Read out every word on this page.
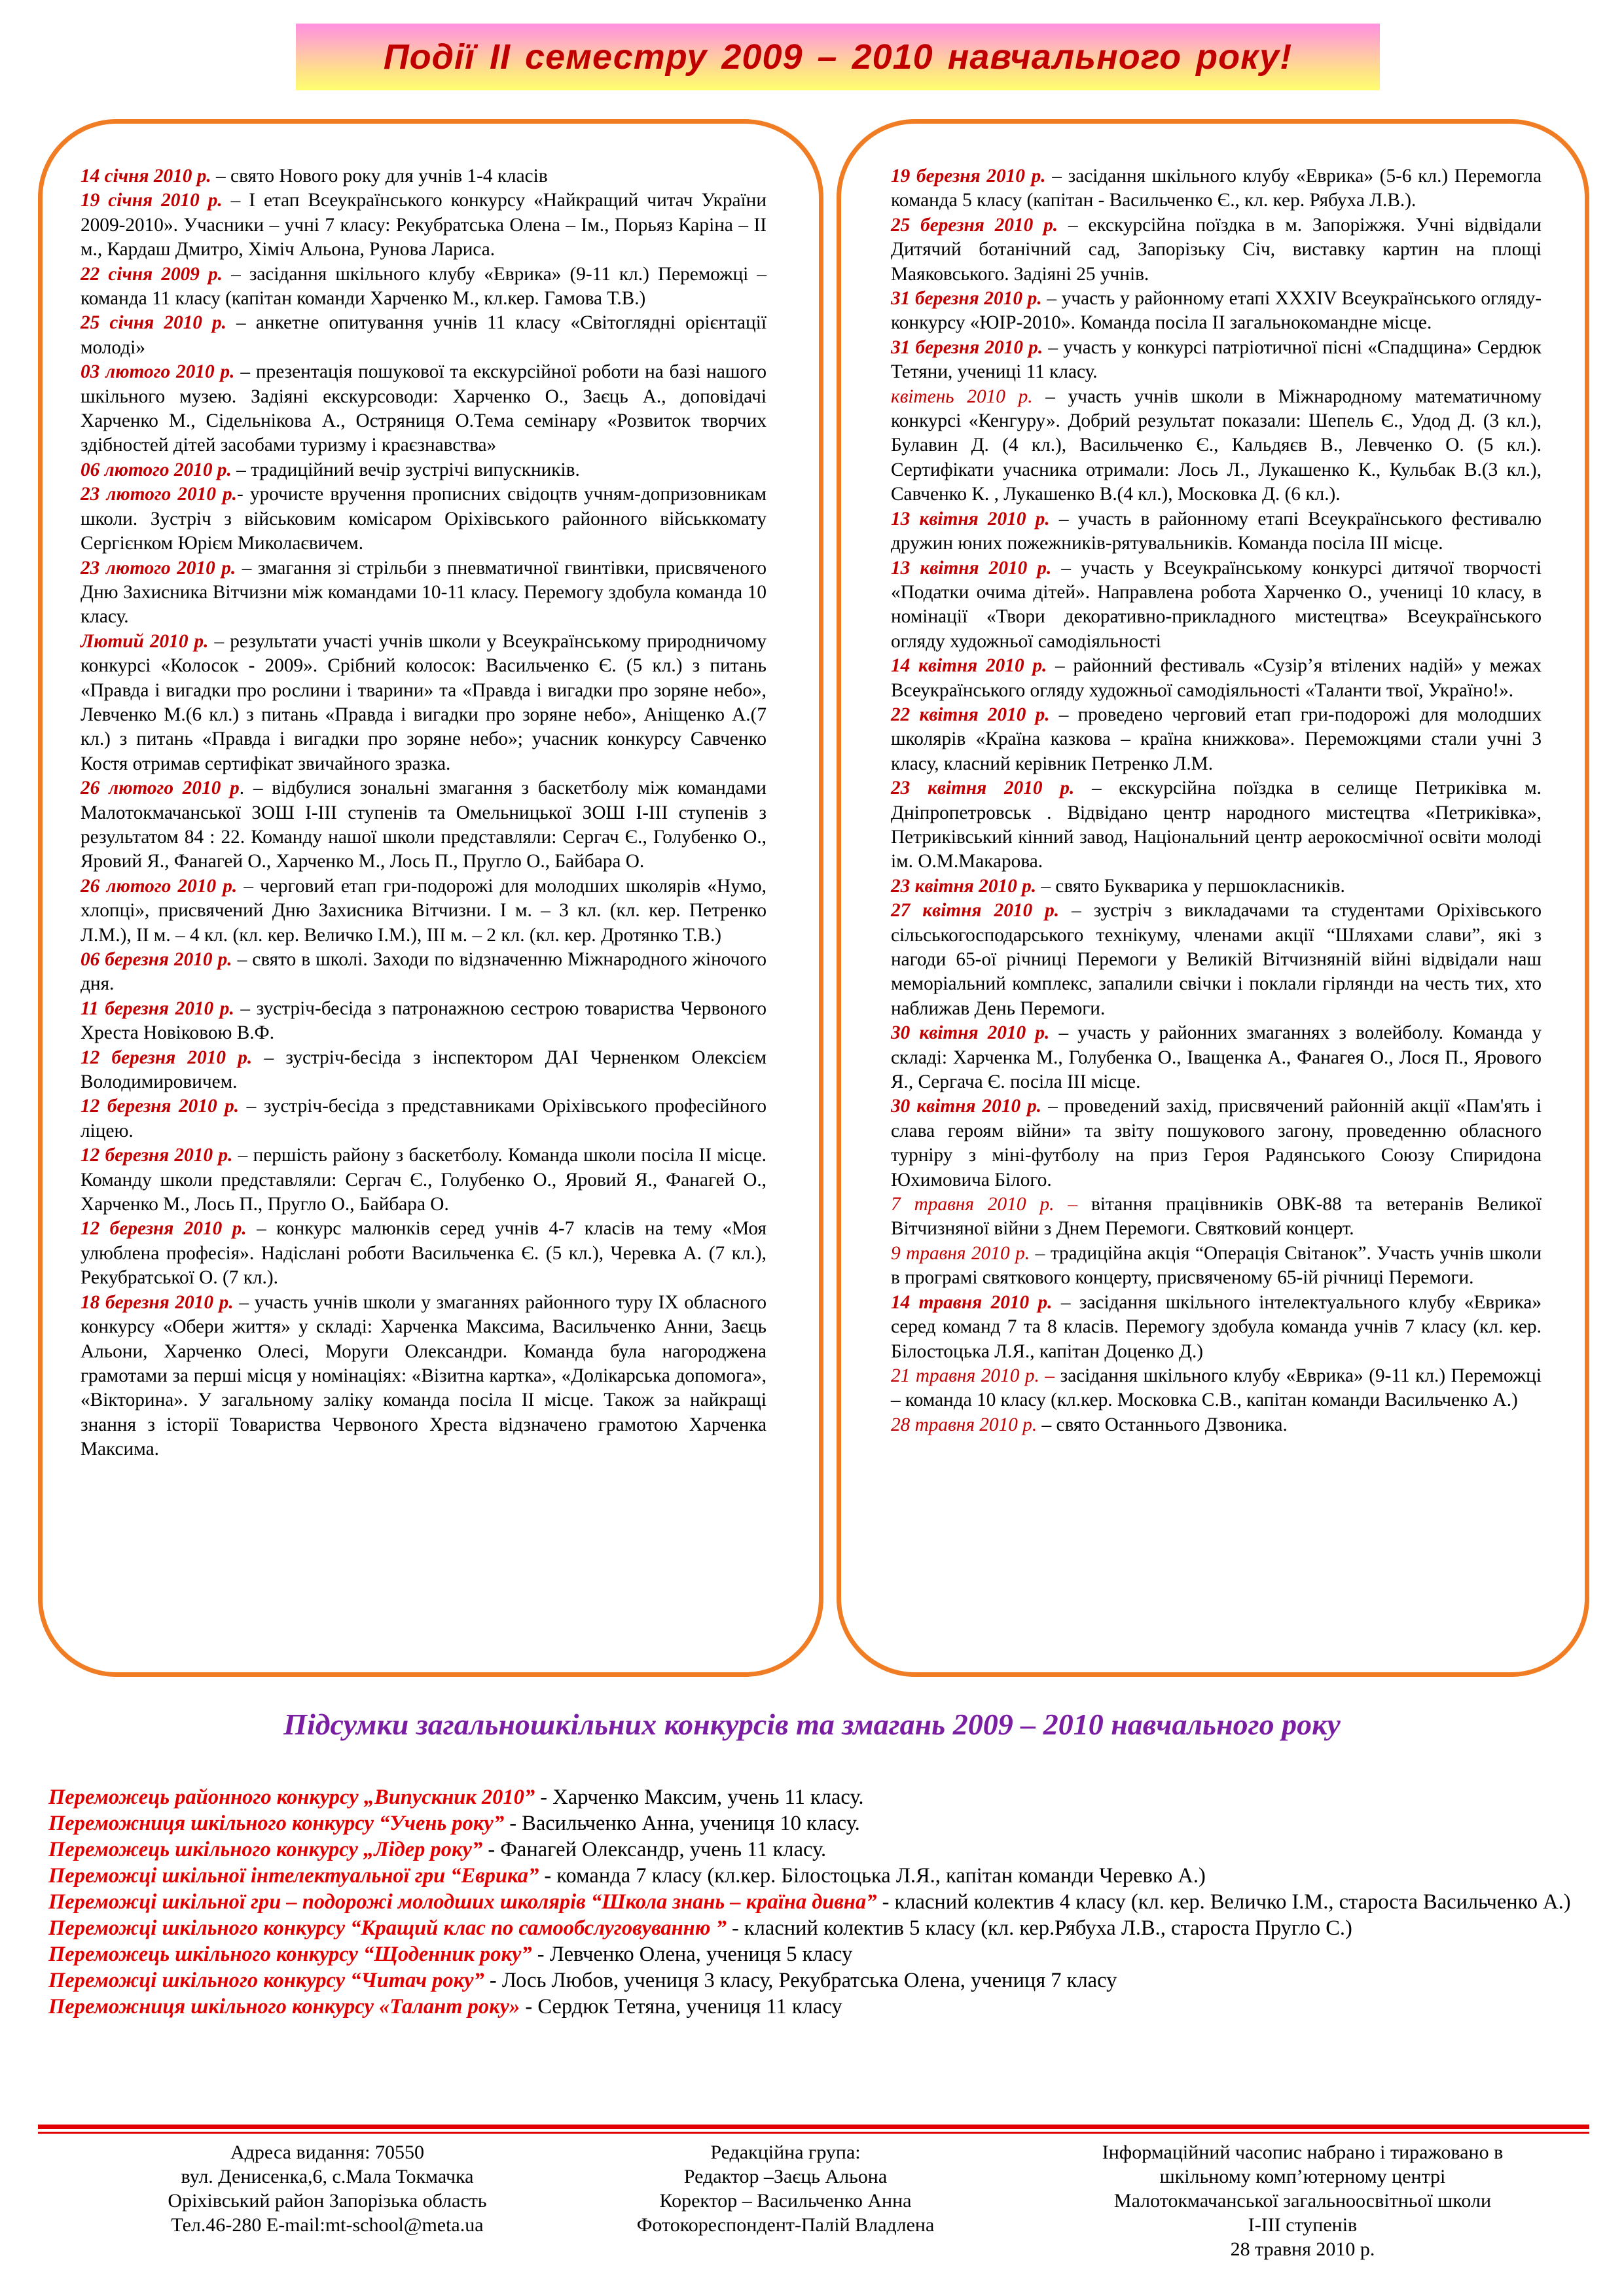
Події ІІ семестру 2009 – 2010 навчального року!

14 січня 2010 р. – свято Нового року для учнів 1-4 класів

19 січня 2010 р. – І етап Всеукраїнського конкурсу «Найкращий читач України 2009-2010». Учасники – учні 7 класу: Рекубратська Олена – Ім., Порьяз Каріна – ІІ м., Кардаш Дмитро, Хіміч Альона, Рунова Лариса.

22 січня 2009 р. – засідання шкільного клубу «Еврика» (9-11 кл.) Переможці – команда 11 класу (капітан команди Харченко М., кл.кер. Гамова Т.В.)

25 січня 2010 р. – анкетне опитування учнів 11 класу «Світоглядні орієнтації молоді»

03 лютого 2010 р. – презентація пошукової та екскурсійної роботи на базі нашого шкільного музею. Задіяні екскурсоводи: Харченко О., Заєць А., доповідачі Харченко М., Сідельнікова А., Остряниця О.Тема семінару «Розвиток творчих здібностей дітей засобами туризму і краєзнавства»

06 лютого 2010 р. – традиційний вечір зустрічі випускників.

23 лютого 2010 р.- урочисте вручення прописних свідоцтв учням-допризовникам школи. Зустріч з військовим комісаром Оріхівського районного військкомату Сергієнком Юрієм Миколаєвичем.

23 лютого 2010 р. – змагання зі стрільби з пневматичної гвинтівки, присвяченого Дню Захисника Вітчизни між командами 10-11 класу. Перемогу здобула команда 10 класу.

Лютий 2010 р. – результати участі учнів школи у Всеукраїнському природничому конкурсі «Колосок - 2009». Срібний колосок: Васильченко Є. (5 кл.) з питань «Правда і вигадки про рослини і тварини» та «Правда і вигадки про зоряне небо», Левченко М.(6 кл.) з питань «Правда і вигадки про зоряне небо», Аніщенко А.(7 кл.) з питань «Правда і вигадки про зоряне небо»; учасник конкурсу Савченко Костя отримав сертифікат звичайного зразка.

26 лютого 2010 р. – відбулися зональні змагання з баскетболу між командами Малотокмачанської ЗОШ І-ІІІ ступенів та Омельницької ЗОШ І-ІІІ ступенів з результатом 84 : 22. Команду нашої школи представляли: Сергач Є., Голубенко О., Яровий Я., Фанагей О., Харченко М., Лось П., Пругло О., Байбара О.

26 лютого 2010 р. – черговий етап гри-подорожі для молодших школярів «Нумо, хлопці», присвячений Дню Захисника Вітчизни. І м. – 3 кл. (кл. кер. Петренко Л.М.), ІІ м. – 4 кл. (кл. кер. Величко І.М.), ІІІ м. – 2 кл. (кл. кер. Дротянко Т.В.)

06 березня 2010 р. – свято в школі. Заходи по відзначенню Міжнародного жіночого дня.

11 березня 2010 р. – зустріч-бесіда з патронажною сестрою товариства Червоного Хреста Новіковою В.Ф.

12 березня 2010 р. – зустріч-бесіда з інспектором ДАІ Черненком Олексієм Володимировичем.

12 березня 2010 р. – зустріч-бесіда з представниками Оріхівського професійного ліцею.

12 березня 2010 р. – першість району з баскетболу. Команда школи посіла ІІ місце. Команду школи представляли: Сергач Є., Голубенко О., Яровий Я., Фанагей О., Харченко М., Лось П., Пругло О., Байбара О.

12 березня 2010 р. – конкурс малюнків серед учнів 4-7 класів на тему «Моя улюблена професія». Надіслані роботи Васильченка Є. (5 кл.), Черевка А. (7 кл.), Рекубратської О. (7 кл.).

18 березня 2010 р. – участь учнів школи у змаганнях районного туру ІХ обласного конкурсу «Обери життя» у складі: Харченка Максима, Васильченко Анни, Заєць Альони, Харченко Олесі, Моруги Олександри. Команда була нагороджена грамотами за перші місця у номінаціях: «Візитна картка», «Долікарська допомога», «Вікторина». У загальному заліку команда посіла ІІ місце. Також за найкращі знання з історії Товариства Червоного Хреста відзначено грамотою Харченка Максима.

19 березня 2010 р. – засідання шкільного клубу «Еврика» (5-6 кл.) Перемогла команда 5 класу (капітан - Васильченко Є., кл. кер. Рябуха Л.В.).

25 березня 2010 р. – екскурсійна поїздка в м. Запоріжжя. Учні відвідали Дитячий ботанічний сад, Запорізьку Січ, виставку картин на площі Маяковського. Задіяні 25 учнів.

31 березня 2010 р. – участь у районному етапі ХХХІV Всеукраїнського огляду-конкурсу «ЮІР-2010». Команда посіла ІІ загальнокомандне місце.

31 березня 2010 р. – участь у конкурсі патріотичної пісні «Спадщина» Сердюк Тетяни, учениці 11 класу.

квітень 2010 р. – участь учнів школи в Міжнародному математичному конкурсі «Кенгуру». Добрий результат показали: Шепель Є., Удод Д. (3 кл.), Булавин Д. (4 кл.), Васильченко Є., Кальдяєв В., Левченко О. (5 кл.). Сертифікати учасника отримали: Лось Л., Лукашенко К., Кульбак В.(3 кл.), Савченко К. , Лукашенко В.(4 кл.), Московка Д. (6 кл.).

13 квітня 2010 р. – участь в районному етапі Всеукраїнського фестивалю дружин юних пожежників-рятувальників. Команда посіла ІІІ місце.

13 квітня 2010 р. – участь у Всеукраїнському конкурсі дитячої творчості «Податки очима дітей». Направлена робота Харченко О., учениці 10 класу, в номінації «Твори декоративно-прикладного мистецтва» Всеукраїнського огляду художньої самодіяльності

14 квітня 2010 р. – районний фестиваль «Сузір’я втілених надій» у межах Всеукраїнського огляду художньої самодіяльності «Таланти твої, Україно!».

22 квітня 2010 р. – проведено черговий етап гри-подорожі для молодших школярів «Країна казкова – країна книжкова». Переможцями стали учні 3 класу, класний керівник Петренко Л.М.

23 квітня 2010 р. – екскурсійна поїздка в селище Петриківка м. Дніпропетровськ . Відвідано центр народного мистецтва «Петриківка», Петриківський кінний завод, Національний центр аерокосмічної освіти молоді ім. О.М.Макарова.

23 квітня 2010 р. – свято Букварика у першокласників.

27 квітня 2010 р. – зустріч з викладачами та студентами Оріхівського сільськогосподарського технікуму, членами акції “Шляхами слави”, які з нагоди 65-ої річниці Перемоги у Великій Вітчизняній війні відвідали наш меморіальний комплекс, запалили свічки і поклали гірлянди на честь тих, хто наближав День Перемоги.

30 квітня 2010 р. – участь у районних змаганнях з волейболу. Команда у складі: Харченка М., Голубенка О., Іващенка А., Фанагея О., Лося П., Ярового Я., Сергача Є. посіла ІІІ місце.

30 квітня 2010 р. – проведений захід, присвячений районній акції «Пам'ять і слава героям війни» та звіту пошукового загону, проведенню обласного турніру з міні-футболу на приз Героя Радянського Союзу Спиридона Юхимовича Білого.

7 травня 2010 р. – вітання працівників ОВК-88 та ветеранів Великої Вітчизняної війни з Днем Перемоги. Святковий концерт.

9 травня 2010 р. – традиційна акція “Операція Світанок”. Участь учнів школи в програмі святкового концерту, присвяченому 65-ій річниці Перемоги.

14 травня 2010 р. – засідання шкільного інтелектуального клубу «Еврика» серед команд 7 та 8 класів. Перемогу здобула команда учнів 7 класу (кл. кер. Білостоцька Л.Я., капітан Доценко Д.)

21 травня 2010 р. – засідання шкільного клубу «Еврика» (9-11 кл.) Переможці – команда 10 класу (кл.кер. Московка С.В., капітан команди Васильченко А.)

28 травня 2010 р. – свято Останнього Дзвоника.

Підсумки загальношкільних конкурсів та змагань 2009 – 2010 навчального року

Переможець районного конкурсу „Випускник 2010” - Харченко Максим, учень 11 класу.

Переможниця шкільного конкурсу “Учень року” - Васильченко Анна, учениця 10 класу.

Переможець шкільного конкурсу „Лідер року” - Фанагей Олександр, учень 11 класу.

Переможці шкільної інтелектуальної гри “Еврика” - команда 7 класу (кл.кер. Білостоцька Л.Я., капітан команди Черевко А.)

Переможці шкільної гри – подорожі молодших школярів “Школа знань – країна дивна” - класний колектив 4 класу (кл. кер. Величко І.М., староста Васильченко А.)

Переможці шкільного конкурсу “Кращий клас по самообслуговуванню ” - класний колектив 5 класу (кл. кер.Рябуха Л.В., староста Пругло С.)

Переможець шкільного конкурсу “Щоденник року” - Левченко Олена, учениця 5 класу

Переможці шкільного конкурсу “Читач року” - Лось Любов, учениця 3 класу, Рекубратська Олена, учениця 7 класу

Переможниця шкільного конкурсу «Талант року» - Сердюк Тетяна, учениця 11 класу

Адреса видання: 70550
вул. Денисенка,6, с.Мала Токмачка
Оріхівський район Запорізька область
Тел.46-280 E-mail:mt-school@meta.ua

Редакційна група:
Редактор –Заєць Альона
Коректор – Васильченко Анна
Фотокореспондент-Палій Владлена

Інформаційний часопис набрано і тиражовано в
шкільному комп’ютерному центрі
Малотокмачанської загальноосвітньої школи
І-ІІІ ступенів
28 травня 2010 р.
